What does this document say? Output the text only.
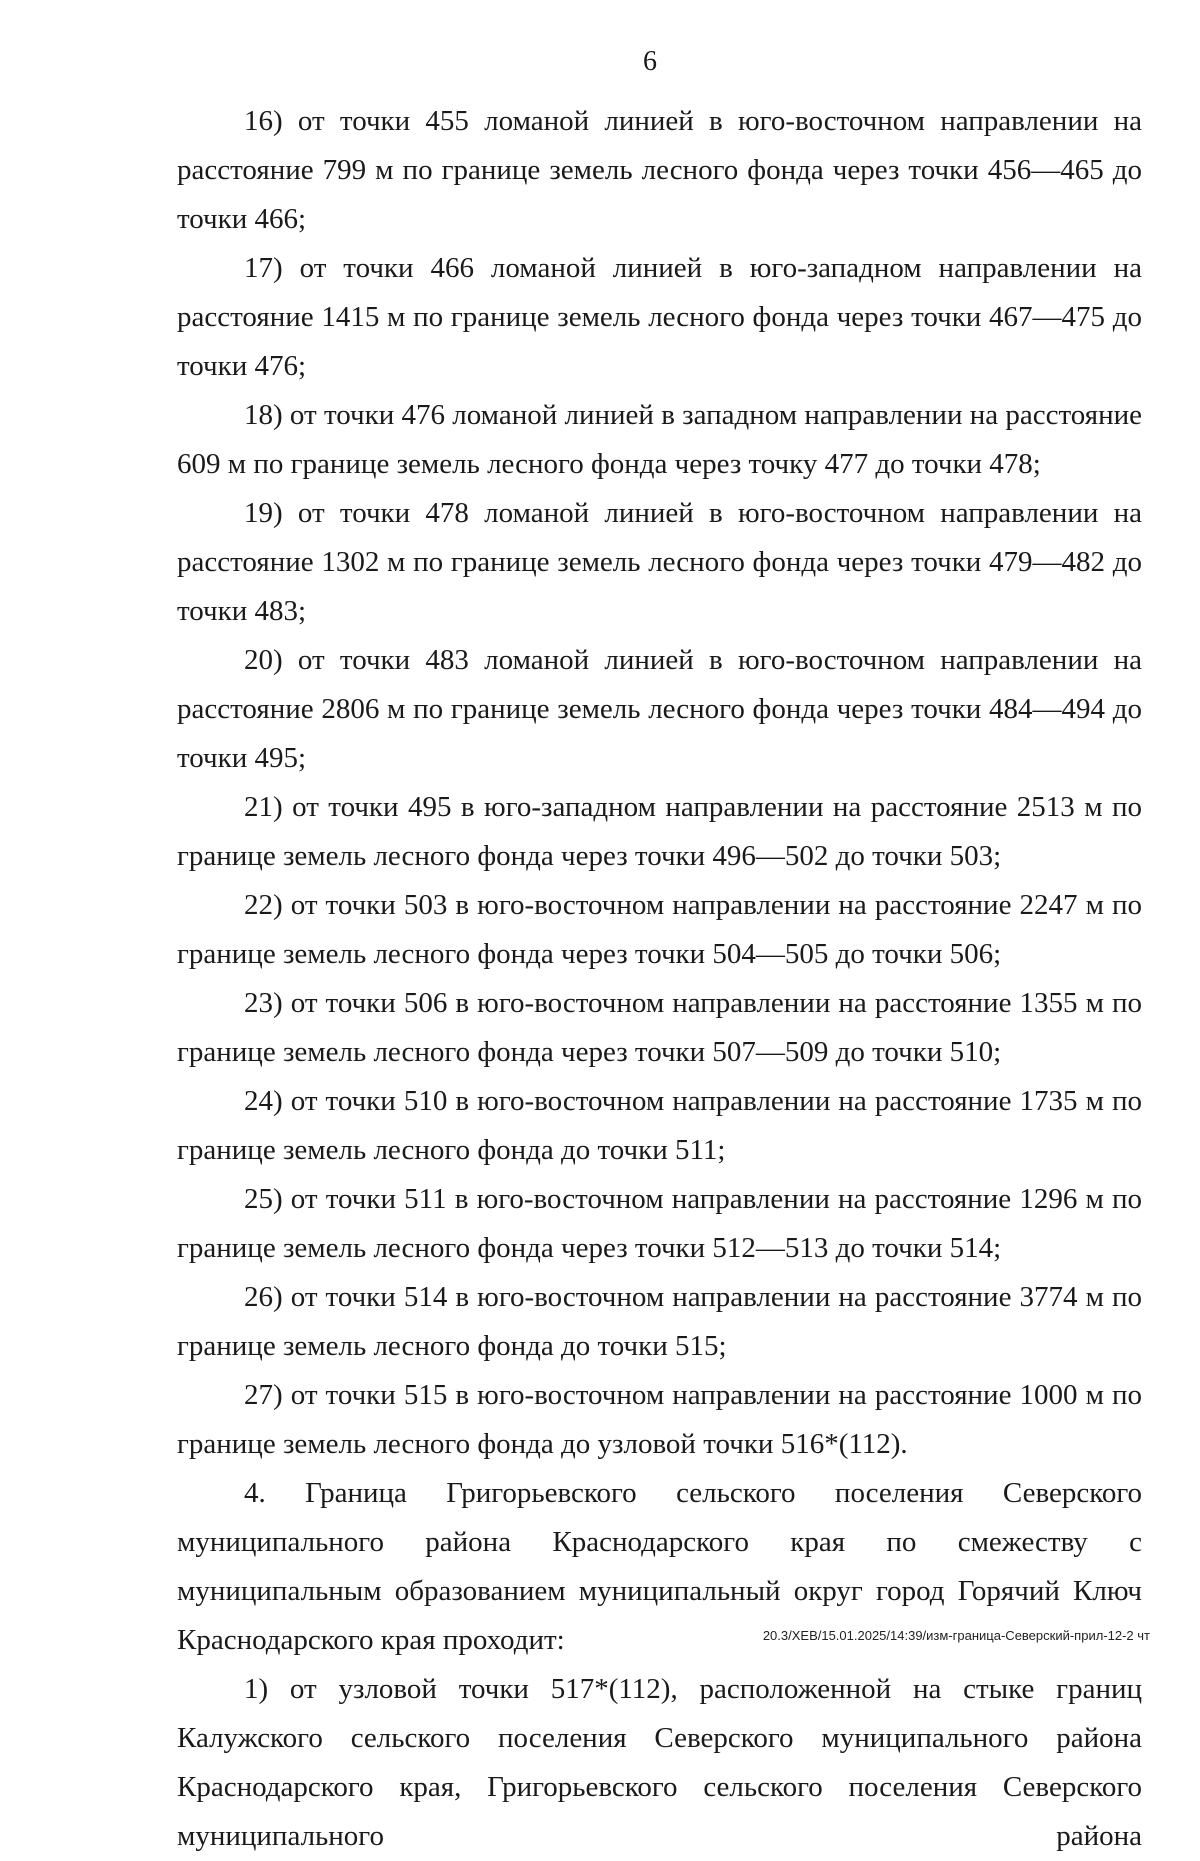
6

16) от точки 455 ломаной линией в юго-восточном направлении на расстояние 799 м по границе земель лесного фонда через точки 456—465 до точки 466;

17) от точки 466 ломаной линией в юго-западном направлении на расстояние 1415 м по границе земель лесного фонда через точки 467—475 до точки 476;

18) от точки 476 ломаной линией в западном направлении на расстояние 609 м по границе земель лесного фонда через точку 477 до точки 478;

19) от точки 478 ломаной линией в юго-восточном направлении на расстояние 1302 м по границе земель лесного фонда через точки 479—482 до точки 483;

20) от точки 483 ломаной линией в юго-восточном направлении на расстояние 2806 м по границе земель лесного фонда через точки 484—494 до точки 495;

21) от точки 495 в юго-западном направлении на расстояние 2513 м по границе земель лесного фонда через точки 496—502 до точки 503;

22) от точки 503 в юго-восточном направлении на расстояние 2247 м по границе земель лесного фонда через точки 504—505 до точки 506;

23) от точки 506 в юго-восточном направлении на расстояние 1355 м по границе земель лесного фонда через точки 507—509 до точки 510;

24) от точки 510 в юго-восточном направлении на расстояние 1735 м по границе земель лесного фонда до точки 511;

25) от точки 511 в юго-восточном направлении на расстояние 1296 м по границе земель лесного фонда через точки 512—513 до точки 514;

26) от точки 514 в юго-восточном направлении на расстояние 3774 м по границе земель лесного фонда до точки 515;

27) от точки 515 в юго-восточном направлении на расстояние 1000 м по границе земель лесного фонда до узловой точки 516*(112).

4. Граница Григорьевского сельского поселения Северского муниципального района Краснодарского края по смежеству с муниципальным образованием муниципальный округ город Горячий Ключ Краснодарского края проходит:

1) от узловой точки 517*(112), расположенной на стыке границ Калужского сельского поселения Северского муниципального района Краснодарского края, Григорьевского сельского поселения Северского муниципального района

20.3/ХЕВ/15.01.2025/14:39/изм-граница-Северский-прил-12-2 чт
